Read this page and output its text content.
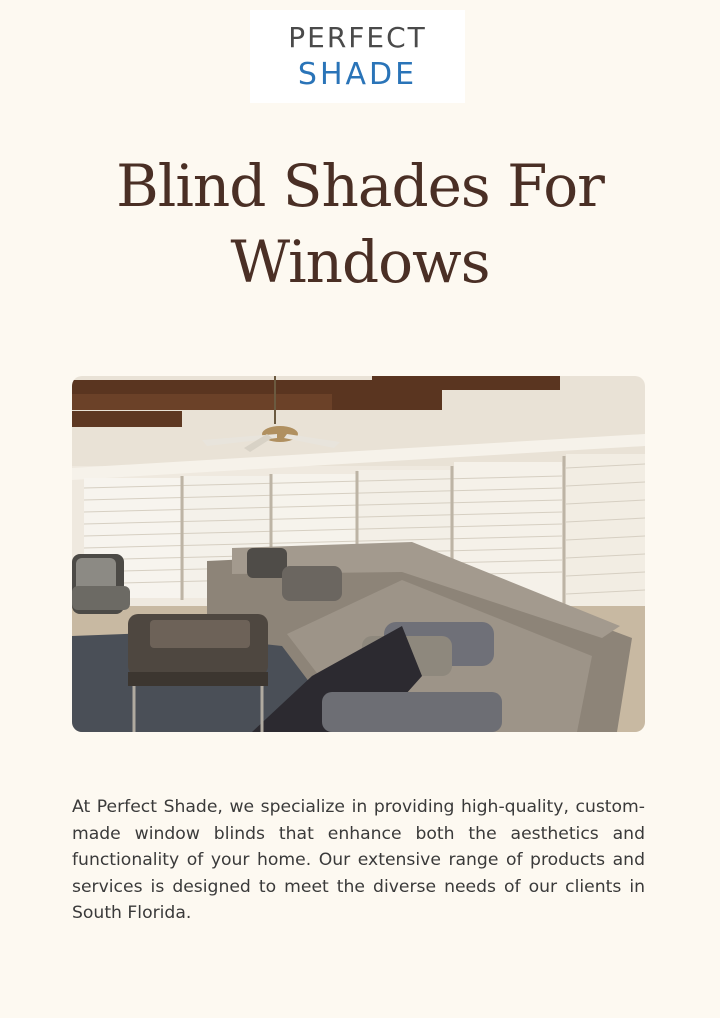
PERFECT
SHADE
Blind Shades For
Windows

At Perfect Shade, we specialize in providing high-quality, custom-made window blinds that enhance both the aesthetics and functionality of your home. Our extensive range of products and services is designed to meet the diverse needs of our clients in South Florida.
